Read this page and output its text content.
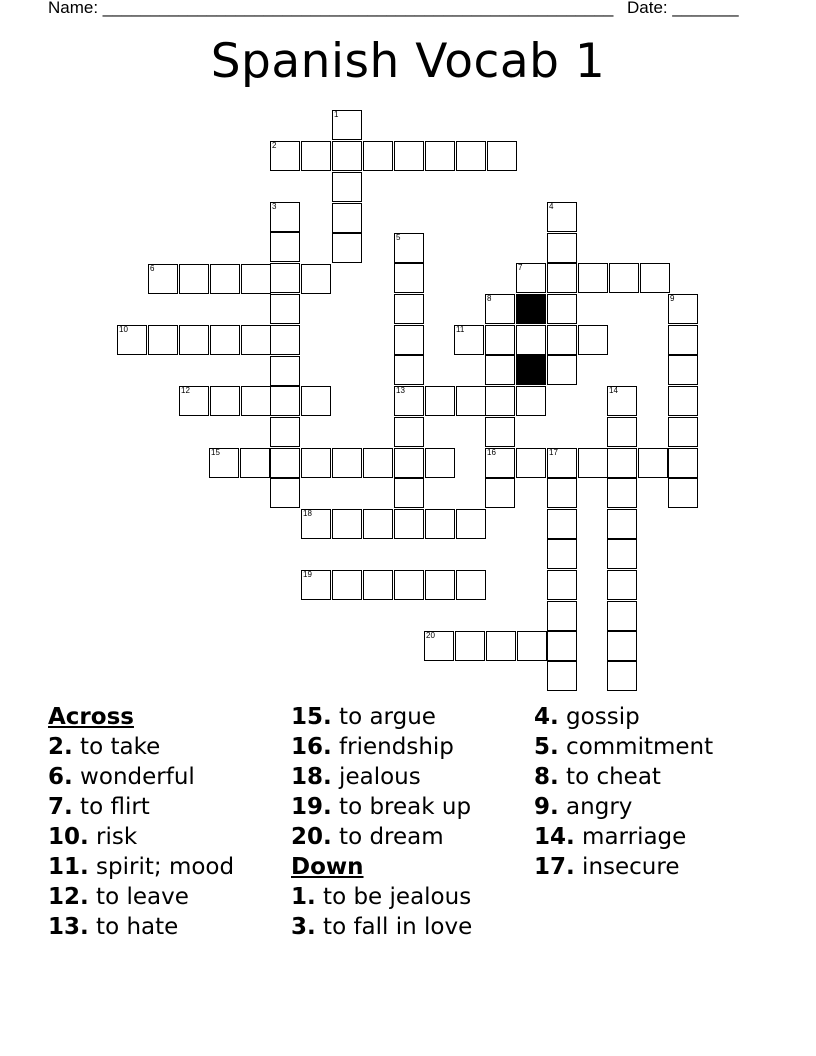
Name: ______________________________________________________ Date: _______
Spanish Vocab 1
1
2
3	4
5
6	7
8	9
10	11
12	14
15	17
18
19
20
13
16
Across
2. to take
6. wonderful
7. to flirt
10. risk
11. spirit; mood
12. to leave
13. to hate
15. to argue
16. friendship
18. jealous
19. to break up
20. to dream
Down
1. to be jealous
3. to fall in love
4. gossip
5. commitment
8. to cheat
9. angry
14. marriage
17. insecure
